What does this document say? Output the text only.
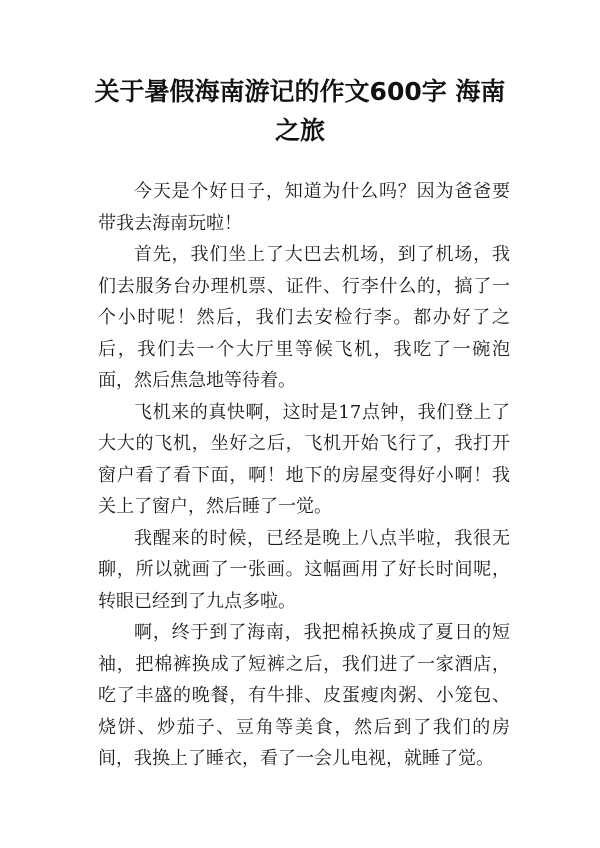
关于暑假海南游记的作文600字 海南之旅

今天是个好日子，知道为什么吗？因为爸爸要带我去海南玩啦！

首先，我们坐上了大巴去机场，到了机场，我们去服务台办理机票、证件、行李什么的，搞了一个小时呢！然后，我们去安检行李。都办好了之后，我们去一个大厅里等候飞机，我吃了一碗泡面，然后焦急地等待着。

飞机来的真快啊，这时是17点钟，我们登上了大大的飞机，坐好之后，飞机开始飞行了，我打开窗户看了看下面，啊！地下的房屋变得好小啊！我关上了窗户，然后睡了一觉。

我醒来的时候，已经是晚上八点半啦，我很无聊，所以就画了一张画。这幅画用了好长时间呢，转眼已经到了九点多啦。

啊，终于到了海南，我把棉袄换成了夏日的短袖，把棉裤换成了短裤之后，我们进了一家酒店，吃了丰盛的晚餐，有牛排、皮蛋瘦肉粥、小笼包、烧饼、炒茄子、豆角等美食，然后到了我们的房间，我换上了睡衣，看了一会儿电视，就睡了觉。
